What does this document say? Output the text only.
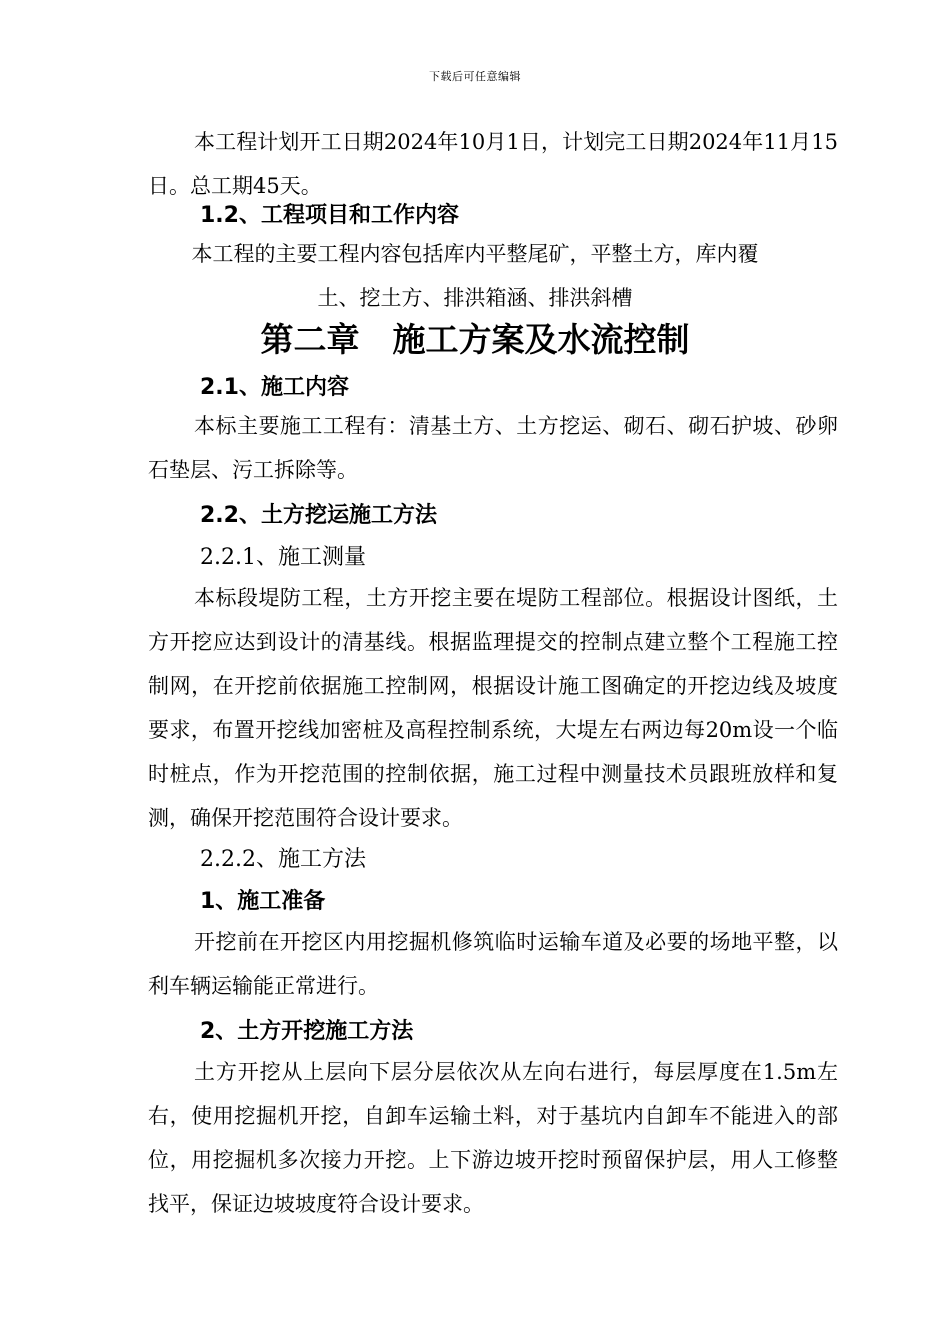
下载后可任意编辑
本工程计划开工日期2024年10月1日，计划完工日期2024年11月15日。总工期45天。
1.2、工程项目和工作内容
本工程的主要工程内容包括库内平整尾矿，平整土方，库内覆
土、挖土方、排洪箱涵、排洪斜槽
第二章　施工方案及水流控制
2.1、施工内容
本标主要施工工程有：清基土方、土方挖运、砌石、砌石护坡、砂卵石垫层、污工拆除等。
2.2、土方挖运施工方法
2.2.1、施工测量
本标段堤防工程，土方开挖主要在堤防工程部位。根据设计图纸，土方开挖应达到设计的清基线。根据监理提交的控制点建立整个工程施工控制网，在开挖前依据施工控制网，根据设计施工图确定的开挖边线及坡度要求，布置开挖线加密桩及高程控制系统，大堤左右两边每20m设一个临时桩点，作为开挖范围的控制依据，施工过程中测量技术员跟班放样和复测，确保开挖范围符合设计要求。
2.2.2、施工方法
1、施工准备
开挖前在开挖区内用挖掘机修筑临时运输车道及必要的场地平整，以利车辆运输能正常进行。
2、土方开挖施工方法
土方开挖从上层向下层分层依次从左向右进行，每层厚度在1.5m左右，使用挖掘机开挖，自卸车运输土料，对于基坑内自卸车不能进入的部位，用挖掘机多次接力开挖。上下游边坡开挖时预留保护层，用人工修整找平，保证边坡坡度符合设计要求。
